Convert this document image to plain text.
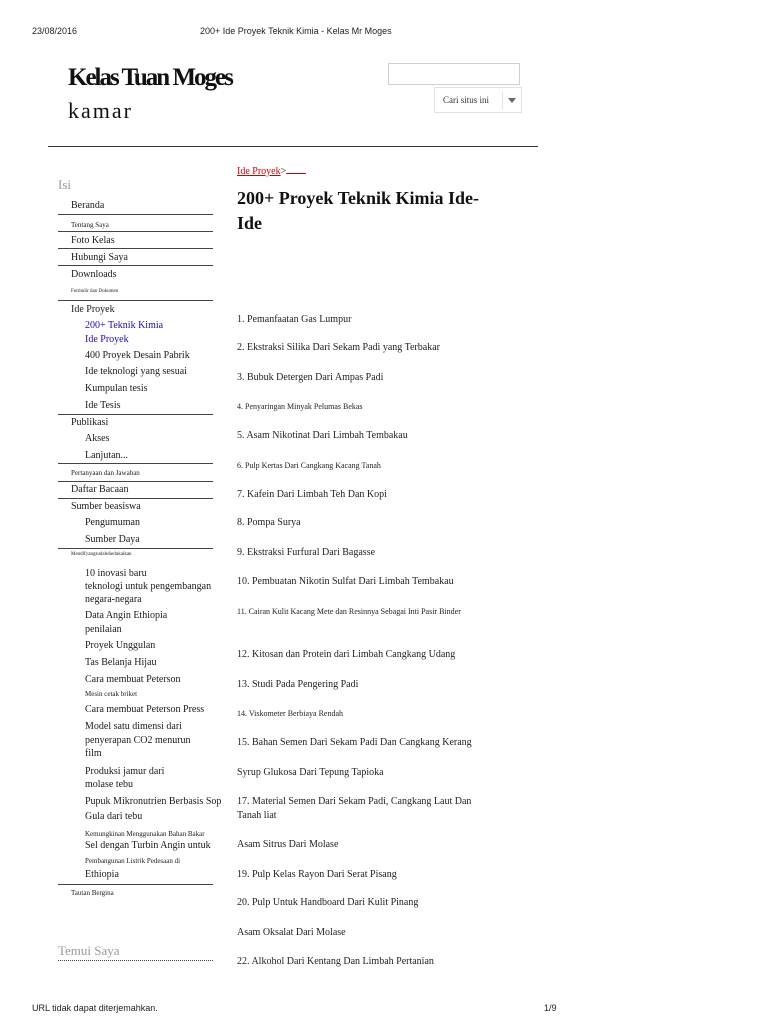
23/08/2016	200+ Ide Proyek Teknik Kimia - Kelas Mr Moges
Kelas Tuan Moges
kamar	Cari situs ini
Isi
Beranda
Tentang Saya
Foto Kelas
Hubungi Saya
Downloads
Formulir dan Dokumen
Ide Proyek
200+ Teknik Kimia
Ide Proyek
400 Proyek Desain Pabrik
Ide teknologi yang sesuai
Kumpulan tesis
Ide Tesis
Publikasi
Akses
Lanjutan...
Pertanyaan dan Jawaban
Daftar Bacaan
Sumber beasiswa
Pengumuman
Sumber Daya
Mendifyangsudahdiedukaikan
10 inovasi baru
teknologi untuk pengembangan
negara-negara
Data Angin Ethiopia
penilaian
Proyek Unggulan
Tas Belanja Hijau
Cara membuat Peterson
Mesin cetak briket
Cara membuat Peterson Press
Model satu dimensi dari
penyerapan CO2 menurun
film
Produksi jamur dari
molase tebu
Pupuk Mikronutrien Berbasis Sop
Gula dari tebu
Kemungkinan Menggunakan Bahan Bakar
Sel dengan Turbin Angin untuk
Pembangunan Listrik Pedesaan di
Ethiopia
Tautan Bergina
Temui Saya
Ide Proyek>
200+ Proyek Teknik Kimia Ide-Ide
1. Pemanfaatan Gas Lumpur
2. Ekstraksi Silika Dari Sekam Padi yang Terbakar
3. Bubuk Detergen Dari Ampas Padi
4. Penyaringan Minyak Pelumas Bekas
5. Asam Nikotinat Dari Limbah Tembakau
6. Pulp Kertas Dari Cangkang Kacang Tanah
7. Kafein Dari Limbah Teh Dan Kopi
8. Pompa Surya
9. Ekstraksi Furfural Dari Bagasse
10. Pembuatan Nikotin Sulfat Dari Limbah Tembakau
11. Cairan Kulit Kacang Mete dan Resinnya Sebagai Inti Pasir Binder
12. Kitosan dan Protein dari Limbah Cangkang Udang
13. Studi Pada Pengering Padi
14. Viskometer Berbiaya Rendah
15. Bahan Semen Dari Sekam Padi Dan Cangkang Kerang
Syrup Glukosa Dari Tepung Tapioka
17. Material Semen Dari Sekam Padi, Cangkang Laut Dan Tanah liat
Asam Sitrus Dari Molase
19. Pulp Kelas Rayon Dari Serat Pisang
20. Pulp Untuk Handboard Dari Kulit Pinang
Asam Oksalat Dari Molase
22. Alkohol Dari Kentang Dan Limbah Pertanian
URL tidak dapat diterjemahkan.	1/9
